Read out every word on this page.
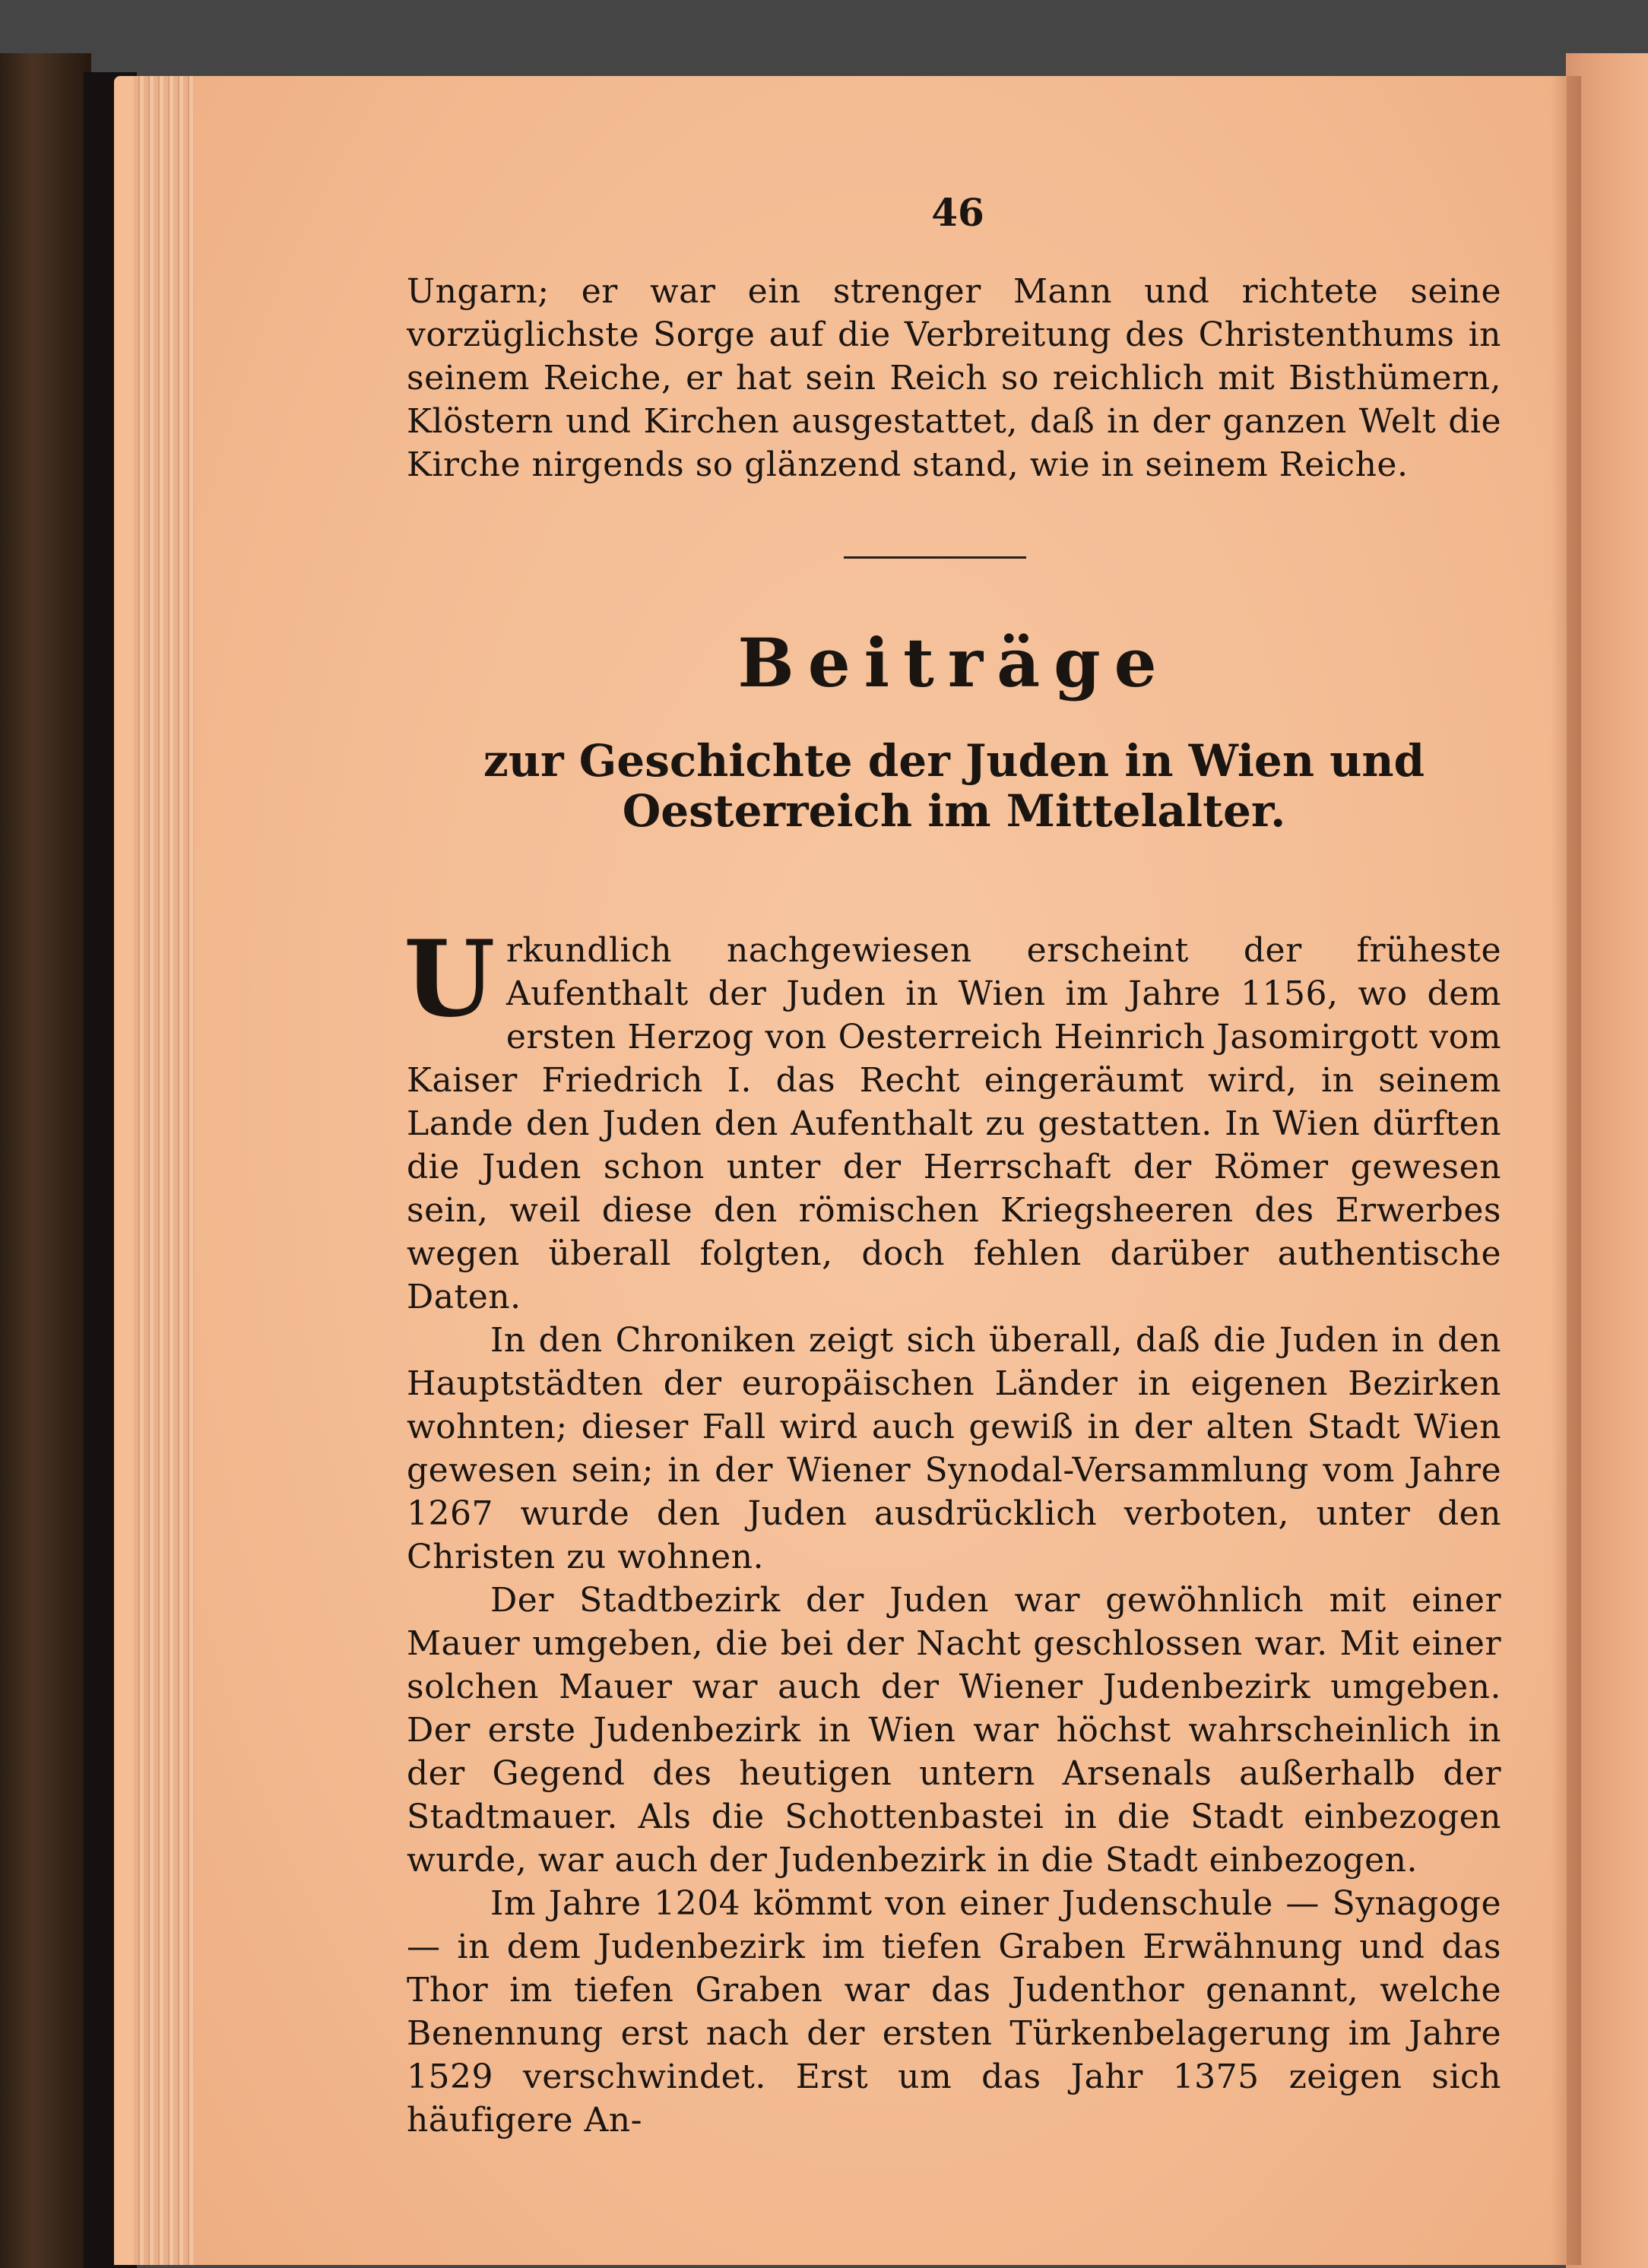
46

Ungarn; er war ein strenger Mann und richtete seine vorzüglichste Sorge auf die Verbreitung des Christenthums in seinem Reiche, er hat sein Reich so reichlich mit Bisthümern, Klöstern und Kirchen ausgestattet, daß in der ganzen Welt die Kirche nirgends so glänzend stand, wie in seinem Reiche.

Beiträge
zur Geschichte der Juden in Wien und Oesterreich im Mittelalter.

Urkundlich nachgewiesen erscheint der früheste Aufenthalt der Juden in Wien im Jahre 1156, wo dem ersten Herzog von Oesterreich Heinrich Jasomirgott vom Kaiser Friedrich I. das Recht eingeräumt wird, in seinem Lande den Juden den Aufenthalt zu gestatten. In Wien dürften die Juden schon unter der Herrschaft der Römer gewesen sein, weil diese den römischen Kriegsheeren des Erwerbes wegen überall folgten, doch fehlen darüber authentische Daten.

In den Chroniken zeigt sich überall, daß die Juden in den Hauptstädten der europäischen Länder in eigenen Bezirken wohnten; dieser Fall wird auch gewiß in der alten Stadt Wien gewesen sein; in der Wiener Synodal-Versammlung vom Jahre 1267 wurde den Juden ausdrücklich verboten, unter den Christen zu wohnen.

Der Stadtbezirk der Juden war gewöhnlich mit einer Mauer umgeben, die bei der Nacht geschlossen war. Mit einer solchen Mauer war auch der Wiener Judenbezirk umgeben. Der erste Judenbezirk in Wien war höchst wahrscheinlich in der Gegend des heutigen untern Arsenals außerhalb der Stadtmauer. Als die Schottenbastei in die Stadt einbezogen wurde, war auch der Judenbezirk in die Stadt einbezogen.

Im Jahre 1204 kömmt von einer Judenschule — Synagoge — in dem Judenbezirk im tiefen Graben Erwähnung und das Thor im tiefen Graben war das Judenthor genannt, welche Benennung erst nach der ersten Türkenbelagerung im Jahre 1529 verschwindet. Erst um das Jahr 1375 zeigen sich häufigere An-
